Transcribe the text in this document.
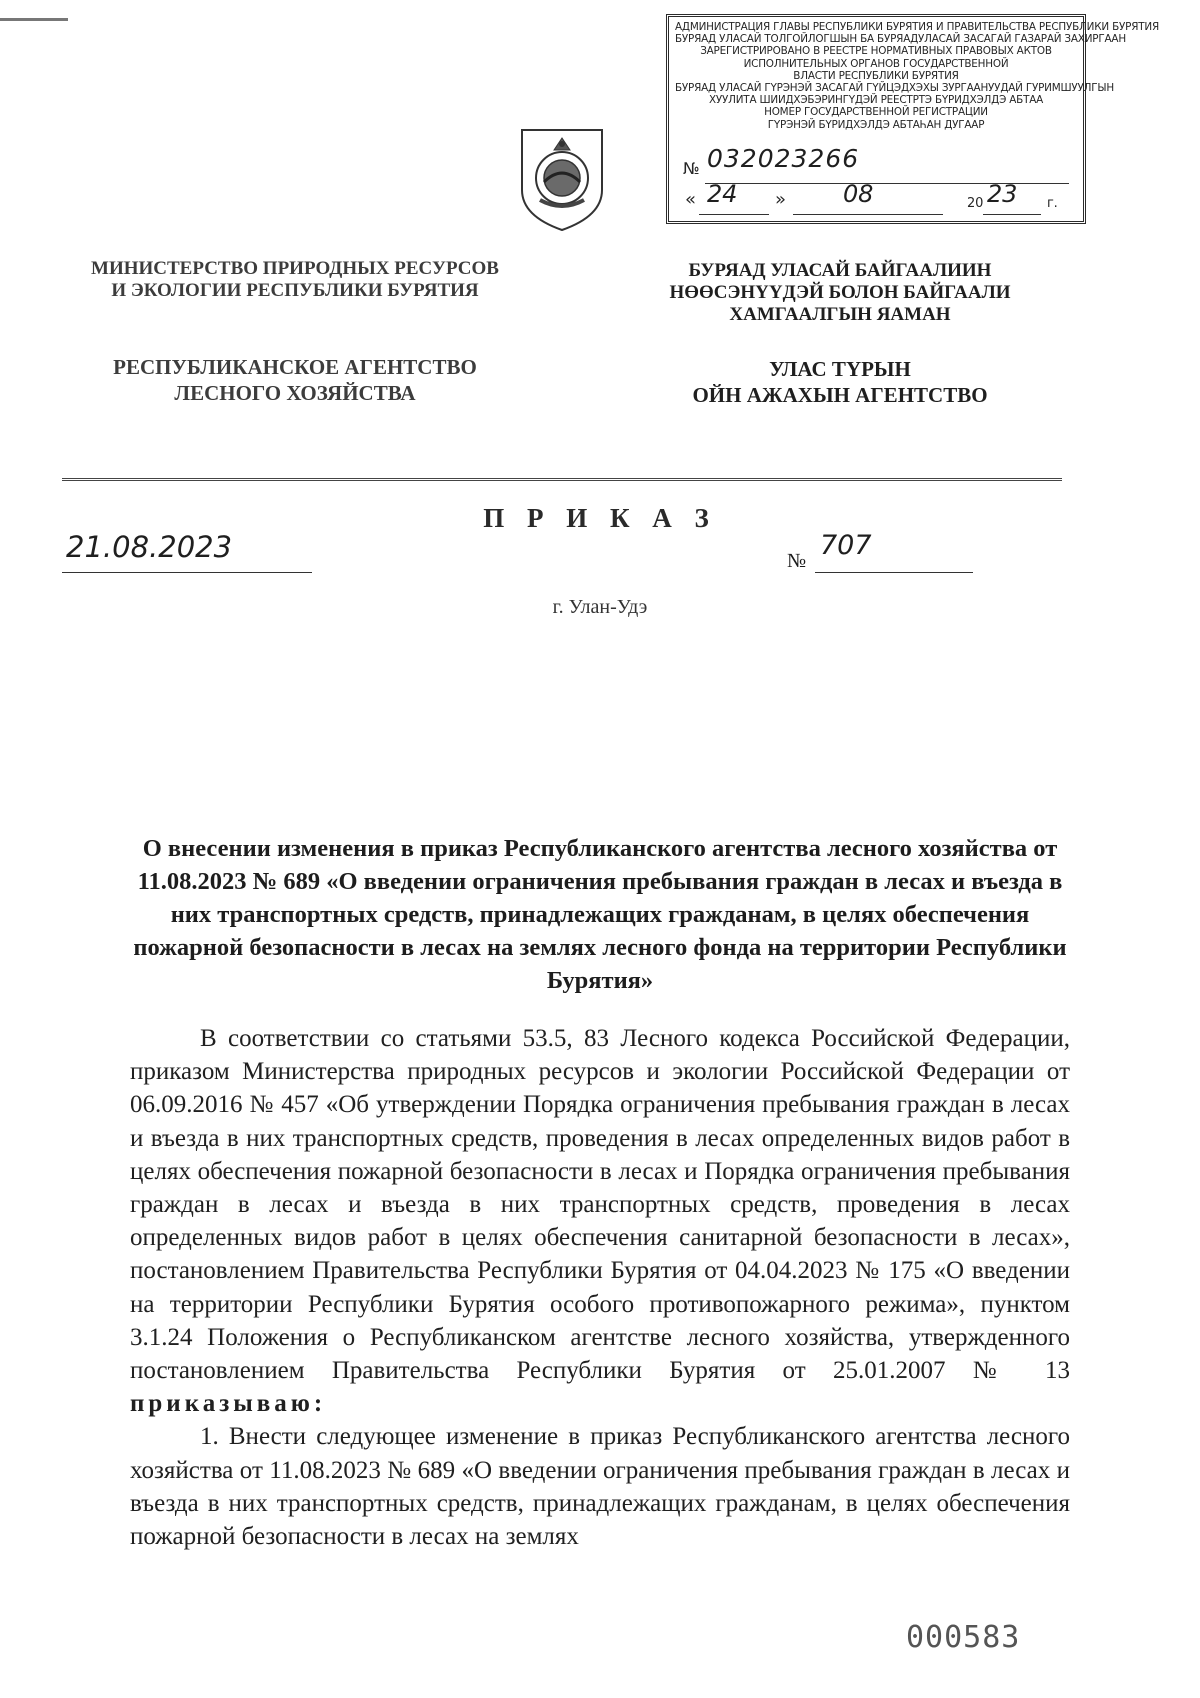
АДМИНИСТРАЦИЯ ГЛАВЫ РЕСПУБЛИКИ БУРЯТИЯ И ПРАВИТЕЛЬСТВА РЕСПУБЛИКИ БУРЯТИЯ
БУРЯАД УЛАСАЙ ТОЛГОЙЛОГШЫН БА БУРЯАДУЛАСАЙ ЗАСАГАЙ ГАЗАРАЙ ЗАХИРГААН
ЗАРЕГИСТРИРОВАНО В РЕЕСТРЕ НОРМАТИВНЫХ ПРАВОВЫХ АКТОВ
ИСПОЛНИТЕЛЬНЫХ ОРГАНОВ ГОСУДАРСТВЕННОЙ
ВЛАСТИ РЕСПУБЛИКИ БУРЯТИЯ
БУРЯАД УЛАСАЙ ГҮРЭНЭЙ ЗАСАГАЙ ГҮЙЦЭДХЭХЫ ЗУРГААНУУДАЙ ГУРИМШУУЛГЫН
ХУУЛИТА ШИИДХЭБЭРИНГҮДЭЙ РЕЕСТРТЭ БҮРИДХЭЛДЭ АБТАА
НОМЕР ГОСУДАРСТВЕННОЙ РЕГИСТРАЦИИ
ГҮРЭНЭЙ БҮРИДХЭЛДЭ АБТАҺАН ДУГААР
№ 032023266
« 24 » 08	20 23 г.
МИНИСТЕРСТВО ПРИРОДНЫХ РЕСУРСОВ
И ЭКОЛОГИИ РЕСПУБЛИКИ БУРЯТИЯ
РЕСПУБЛИКАНСКОЕ АГЕНТСТВО
ЛЕСНОГО ХОЗЯЙСТВА
БУРЯАД УЛАСАЙ БАЙГААЛИИН
НӨӨСЭНҮҮДЭЙ БОЛОН БАЙГААЛИ
ХАМГААЛГЫН ЯАМАН
УЛАС ТҮРЫН
ОЙН АЖАХЫН АГЕНТСТВО
П Р И К А З
21.08.2023	№ 707
г. Улан-Удэ
О внесении изменения в приказ Республиканского агентства лесного хозяйства от 11.08.2023 № 689 «О введении ограничения пребывания граждан в лесах и въезда в них транспортных средств, принадлежащих гражданам, в целях обеспечения пожарной безопасности в лесах на землях лесного фонда на территории Республики Бурятия»

В соответствии со статьями 53.5, 83 Лесного кодекса Российской Федерации, приказом Министерства природных ресурсов и экологии Российской Федерации от 06.09.2016 № 457 «Об утверждении Порядка ограничения пребывания граждан в лесах и въезда в них транспортных средств, проведения в лесах определенных видов работ в целях обеспечения пожарной безопасности в лесах и Порядка ограничения пребывания граждан в лесах и въезда в них транспортных средств, проведения в лесах определенных видов работ в целях обеспечения санитарной безопасности в лесах», постановлением Правительства Республики Бурятия от 04.04.2023 № 175 «О введении на территории Республики Бурятия особого противопожарного режима», пунктом 3.1.24 Положения о Республиканском агентстве лесного хозяйства, утвержденного постановлением Правительства Республики Бурятия от 25.01.2007 № 13 приказываю:

1. Внести следующее изменение в приказ Республиканского агентства лесного хозяйства от 11.08.2023 № 689 «О введении ограничения пребывания граждан в лесах и въезда в них транспортных средств, принадлежащих гражданам, в целях обеспечения пожарной безопасности в лесах на землях

000583
